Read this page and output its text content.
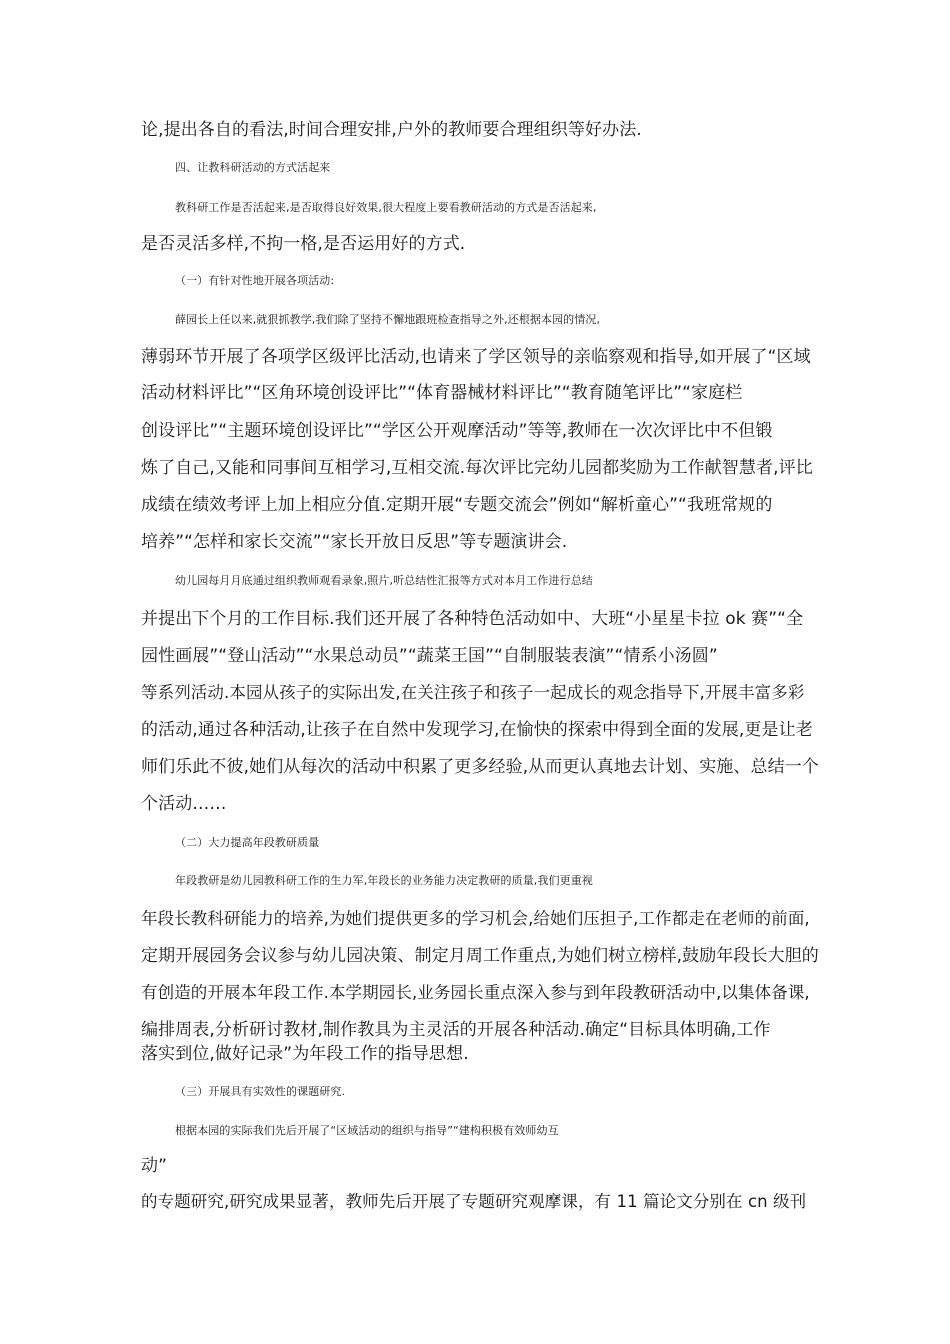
论,提出各自的看法,时间合理安排,户外的教师要合理组织等好办法.
四、让教科研活动的方式活起来
教科研工作是否活起来,是否取得良好效果,很大程度上要看教研活动的方式是否活起来,
是否灵活多样,不拘一格,是否运用好的方式.
（一）有针对性地开展各项活动:
薛园长上任以来,就狠抓教学,我们除了坚持不懈地跟班检查指导之外,还根据本园的情况,
薄弱环节开展了各项学区级评比活动,也请来了学区领导的亲临察观和指导,如开展了“区域
活动材料评比”“区角环境创设评比”“体育器械材料评比”“教育随笔评比”“家庭栏
创设评比”“主题环境创设评比”“学区公开观摩活动”等等,教师在一次次评比中不但锻
炼了自己,又能和同事间互相学习,互相交流.每次评比完幼儿园都奖励为工作献智慧者,评比
成绩在绩效考评上加上相应分值.定期开展“专题交流会”例如“解析童心”“我班常规的
培养”“怎样和家长交流”“家长开放日反思”等专题演讲会.
幼儿园每月月底通过组织教师观看录象,照片,听总结性汇报等方式对本月工作进行总结
并提出下个月的工作目标.我们还开展了各种特色活动如中、大班“小星星卡拉 ok 赛”“全
园性画展”“登山活动”“水果总动员”“蔬菜王国”“自制服装表演”“情系小汤圆”
等系列活动.本园从孩子的实际出发,在关注孩子和孩子一起成长的观念指导下,开展丰富多彩
的活动,通过各种活动,让孩子在自然中发现学习,在愉快的探索中得到全面的发展,更是让老
师们乐此不彼,她们从每次的活动中积累了更多经验,从而更认真地去计划、实施、总结一个
个活动……
（二）大力提高年段教研质量
年段教研是幼儿园教科研工作的生力军,年段长的业务能力决定教研的质量,我们更重视
年段长教科研能力的培养,为她们提供更多的学习机会,给她们压担子,工作都走在老师的前面,
定期开展园务会议参与幼儿园决策、制定月周工作重点,为她们树立榜样,鼓励年段长大胆的
有创造的开展本年段工作.本学期园长,业务园长重点深入参与到年段教研活动中,以集体备课,
编排周表,分析研讨教材,制作教具为主灵活的开展各种活动.确定“目标具体明确,工作
落实到位,做好记录”为年段工作的指导思想.
（三）开展具有实效性的课题研究.
根据本园的实际我们先后开展了“区域活动的组织与指导”“建构积极有效师幼互
动”
的专题研究,研究成果显著，教师先后开展了专题研究观摩课，有 11 篇论文分别在 cn 级刊
